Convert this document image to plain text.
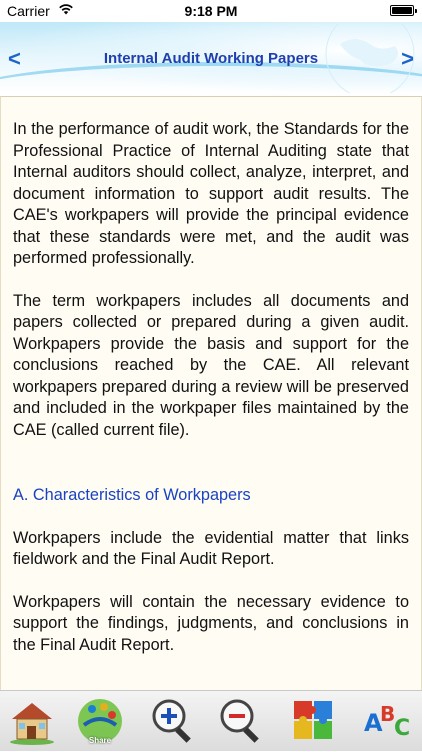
Carrier	9:18 PM
<	Internal Audit Working Papers	>

In the performance of audit work, the Standards for the Professional Practice of Internal Auditing state that Internal auditors should collect, analyze, interpret, and document information to support audit results. The CAE's workpapers will provide the principal evidence that these standards were met, and the audit was performed professionally.

The term workpapers includes all documents and papers collected or prepared during a given audit. Workpapers provide the basis and support for the conclusions reached by the CAE. All relevant workpapers prepared during a review will be preserved and included in the workpaper files maintained by the CAE (called current file).

A. Characteristics of Workpapers

Workpapers include the evidential matter that links fieldwork and the Final Audit Report.

Workpapers will contain the necessary evidence to support the findings, judgments, and conclusions in the Final Audit Report.

Share
A
B
C
